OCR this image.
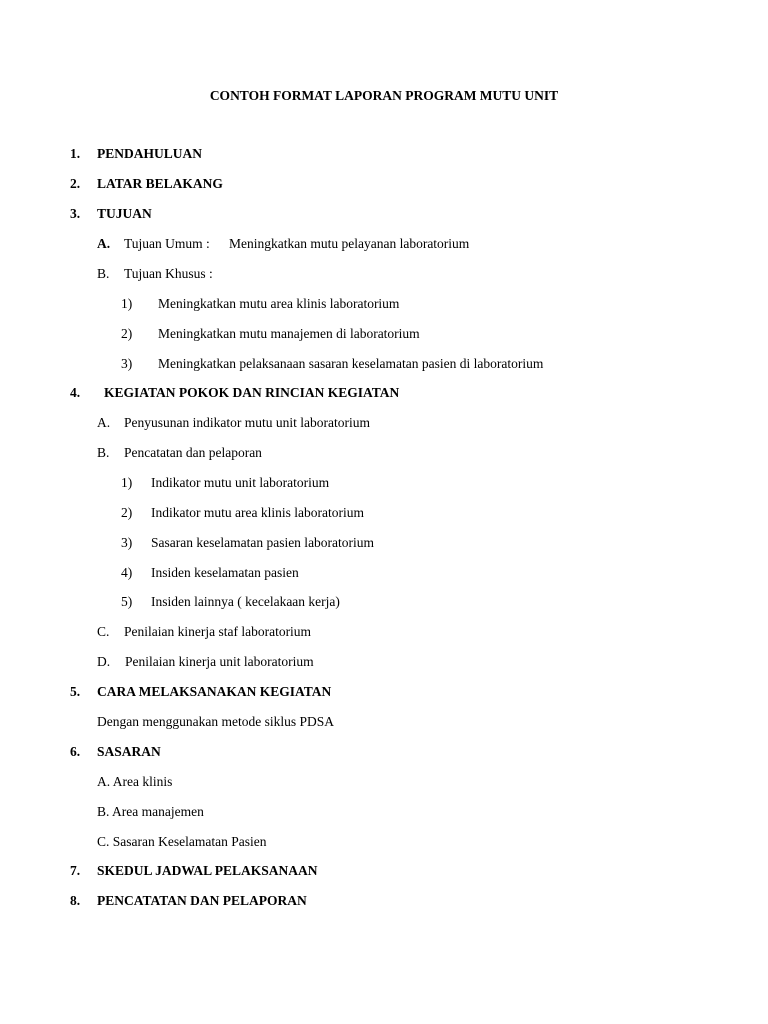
CONTOH FORMAT LAPORAN PROGRAM MUTU UNIT
1. PENDAHULUAN
2. LATAR BELAKANG
3. TUJUAN
A. Tujuan Umum : Meningkatkan mutu pelayanan laboratorium
B. Tujuan Khusus :
1) Meningkatkan mutu area klinis laboratorium
2) Meningkatkan mutu manajemen di laboratorium
3) Meningkatkan pelaksanaan sasaran keselamatan pasien di laboratorium
4. KEGIATAN POKOK DAN RINCIAN KEGIATAN
A. Penyusunan indikator mutu unit laboratorium
B. Pencatatan dan pelaporan
1) Indikator mutu unit laboratorium
2) Indikator mutu area klinis laboratorium
3) Sasaran keselamatan pasien laboratorium
4) Insiden keselamatan pasien
5) Insiden lainnya ( kecelakaan kerja)
C. Penilaian kinerja staf laboratorium
D. Penilaian kinerja unit laboratorium
5. CARA MELAKSANAKAN KEGIATAN
Dengan menggunakan metode siklus PDSA
6. SASARAN
A. Area klinis
B. Area manajemen
C. Sasaran Keselamatan Pasien
7. SKEDUL JADWAL PELAKSANAAN
8. PENCATATAN DAN PELAPORAN
